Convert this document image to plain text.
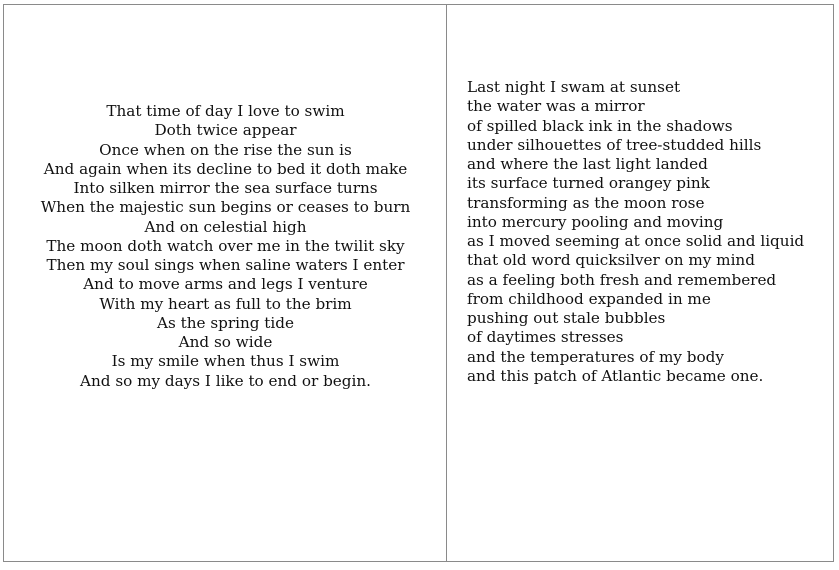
That time of day I love to swim
Doth twice appear
Once when on the rise the sun is
And again when its decline to bed it doth make
Into silken mirror the sea surface turns
When the majestic sun begins or ceases to burn
And on celestial high
The moon doth watch over me in the twilit sky
Then my soul sings when saline waters I enter
And to move arms and legs I venture
With my heart as full to the brim
As the spring tide
And so wide
Is my smile when thus I swim
And so my days I like to end or begin.
Last night I swam at sunset
the water was a mirror
of spilled black ink in the shadows
under silhouettes of tree-studded hills
and where the last light landed
its surface turned orangey pink
transforming as the moon rose
into mercury pooling and moving
as I moved seeming at once solid and liquid
that old word quicksilver on my mind
as a feeling both fresh and remembered
from childhood expanded in me
pushing out stale bubbles
of daytimes stresses
and the temperatures of my body
and this patch of Atlantic became one.
